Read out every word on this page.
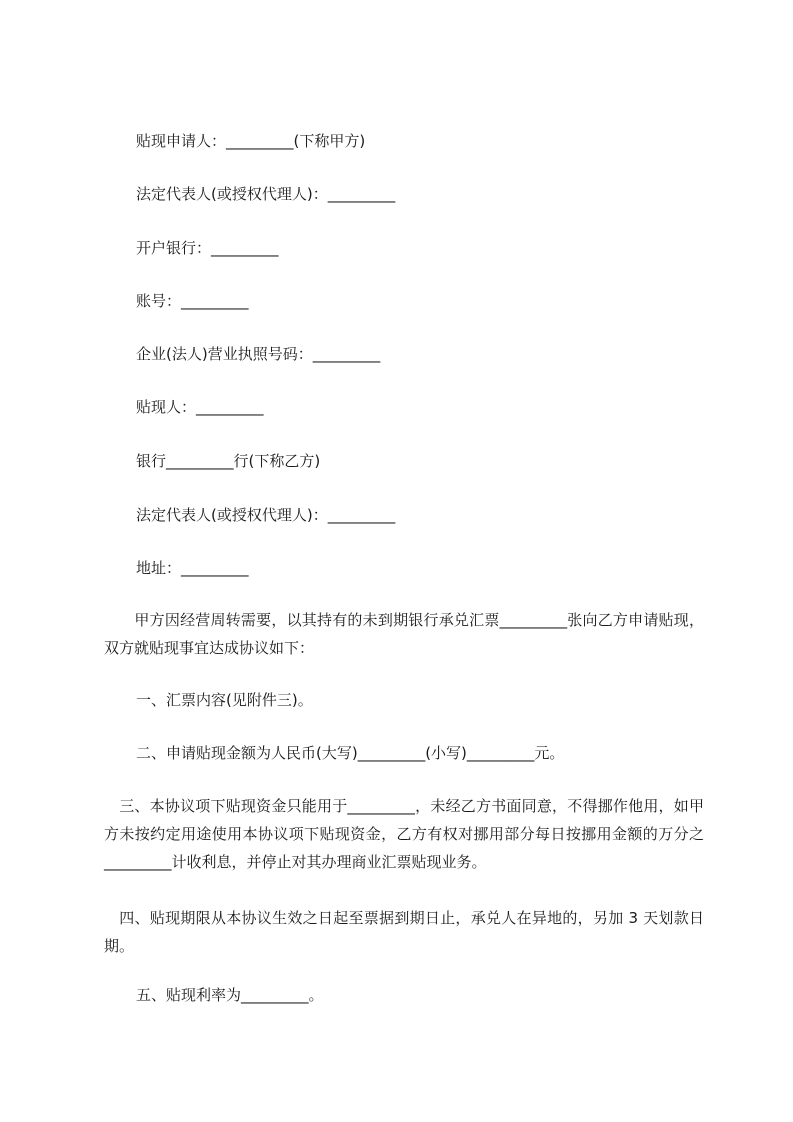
贴现申请人：_________(下称甲方)
法定代表人(或授权代理人)：_________
开户银行：_________
账号：_________
企业(法人)营业执照号码：_________
贴现人：_________
银行_________行(下称乙方)
法定代表人(或授权代理人)：_________
地址：_________
　　甲方因经营周转需要，以其持有的未到期银行承兑汇票_________张向乙方申请贴现，双方就贴现事宜达成协议如下：
一、汇票内容(见附件三)。
二、申请贴现金额为人民币(大写)_________(小写)_________元。
　三、本协议项下贴现资金只能用于_________，未经乙方书面同意，不得挪作他用，如甲方未按约定用途使用本协议项下贴现资金，乙方有权对挪用部分每日按挪用金额的万分之_________计收利息，并停止对其办理商业汇票贴现业务。
　四、贴现期限从本协议生效之日起至票据到期日止，承兑人在异地的，另加 3 天划款日期。
五、贴现利率为_________。
